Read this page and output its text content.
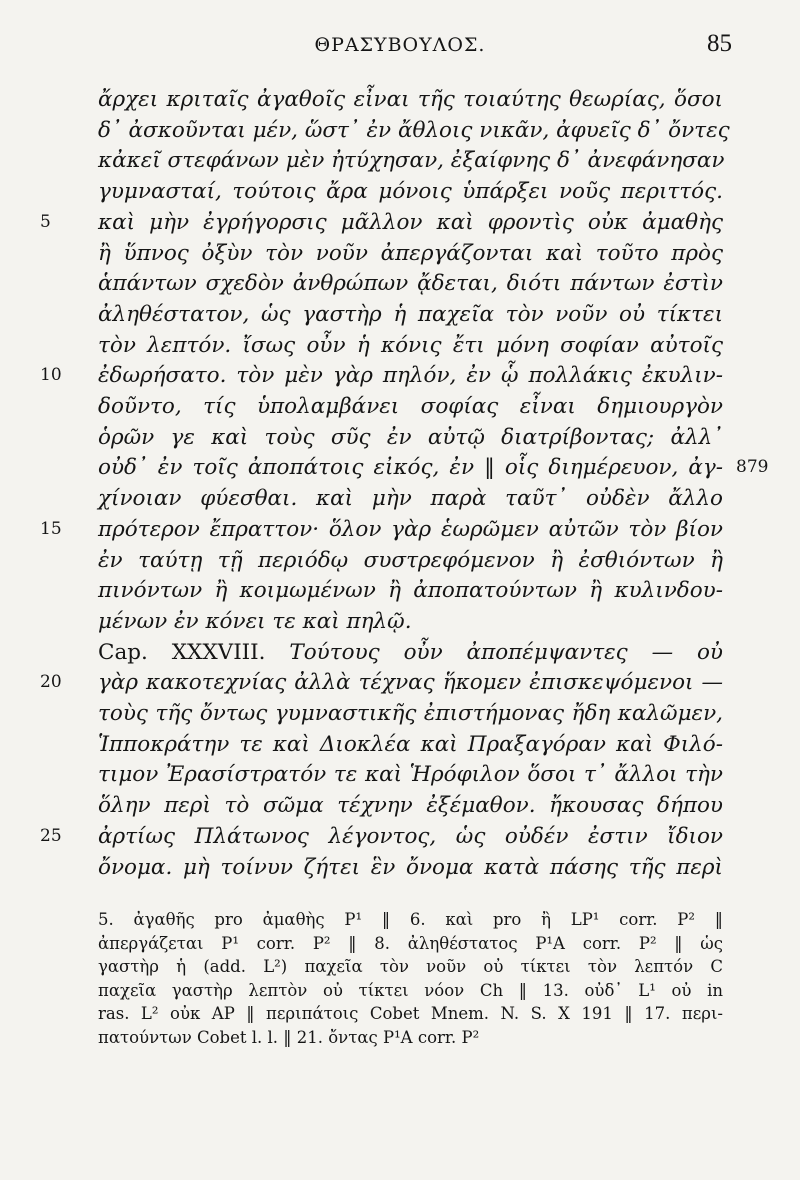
ΘΡΑΣΥΒΟΥΛΟΣ.	85
ἄρχει κριταῖς ἀγαθοῖς εἶναι τῆς τοιαύτης θεωρίας, ὅσοι
δ᾽ ἀσκοῦνται μέν, ὥστ᾽ ἐν ἄθλοις νικᾶν, ἀφυεῖς δ᾽ ὄντες
κἀκεῖ στεφάνων μὲν ἠτύχησαν, ἐξαίφνης δ᾽ ἀνεφάνησαν
γυμνασταί, τούτοις ἄρα μόνοις ὑπάρξει νοῦς περιττός.
5	καὶ μὴν ἐγρήγορσις μᾶλλον καὶ φροντὶς οὐκ ἀμαθὴς
ἢ ὕπνος ὀξὺν τὸν νοῦν ἀπεργάζονται καὶ τοῦτο πρὸς
ἁπάντων σχεδὸν ἀνθρώπων ᾄδεται, διότι πάντων ἐστὶν
ἀληθέστατον, ὡς γαστὴρ ἡ παχεῖα τὸν νοῦν οὐ τίκτει
τὸν λεπτόν. ἴσως οὖν ἡ κόνις ἔτι μόνη σοφίαν αὐτοῖς
10	ἐδωρήσατο. τὸν μὲν γὰρ πηλόν, ἐν ᾧ πολλάκις ἐκυλιν-
δοῦντο, τίς ὑπολαμβάνει σοφίας εἶναι δημιουργὸν
ὁρῶν γε καὶ τοὺς σῦς ἐν αὐτῷ διατρίβοντας; ἀλλ᾽
οὐδ᾽ ἐν τοῖς ἀποπάτοις εἰκός, ἐν ‖ οἷς διημέρευον, ἀγ- 879
χίνοιαν φύεσθαι. καὶ μὴν παρὰ ταῦτ᾽ οὐδὲν ἄλλο
15	πρότερον ἔπραττον· ὅλον γὰρ ἑωρῶμεν αὐτῶν τὸν βίον
ἐν ταύτῃ τῇ περιόδῳ συστρεφόμενον ἢ ἐσθιόντων ἢ
πινόντων ἢ κοιμωμένων ἢ ἀποπατούντων ἢ κυλινδου-
μένων ἐν κόνει τε καὶ πηλῷ.
Cap. XXXVIII. Τούτους οὖν ἀποπέμψαντες — οὐ
20	γὰρ κακοτεχνίας ἀλλὰ τέχνας ἥκομεν ἐπισκεψόμενοι —
τοὺς τῆς ὄντως γυμναστικῆς ἐπιστήμονας ἤδη καλῶμεν,
Ἱπποκράτην τε καὶ Διοκλέα καὶ Πραξαγόραν καὶ Φιλό-
τιμον Ἐρασίστρατόν τε καὶ Ἡρόφιλον ὅσοι τ᾽ ἄλλοι τὴν
ὅλην περὶ τὸ σῶμα τέχνην ἐξέμαθον. ἤκουσας δήπου
25	ἀρτίως Πλάτωνος λέγοντος, ὡς οὐδέν ἐστιν ἴδιον
ὄνομα. μὴ τοίνυν ζήτει ἓν ὄνομα κατὰ πάσης τῆς περὶ
5. ἀγαθῆς pro ἀμαθὴς P¹ ‖ 6. καὶ pro ἢ LP¹ corr. P² ‖
ἀπεργάζεται P¹ corr. P² ‖ 8. ἀληθέστατος P¹A corr. P² ‖ ὡς
γαστὴρ ἡ (add. L²) παχεῖα τὸν νοῦν οὐ τίκτει τὸν λεπτόν C
παχεῖα γαστὴρ λεπτὸν οὐ τίκτει νόον Ch ‖ 13. οὐδ᾽ L¹ οὐ in
ras. L² οὐκ AP ‖ περιπάτοις Cobet Mnem. N. S. X 191 ‖ 17. περι-
πατούντων Cobet l. l. ‖ 21. ὄντας P¹A corr. P²
